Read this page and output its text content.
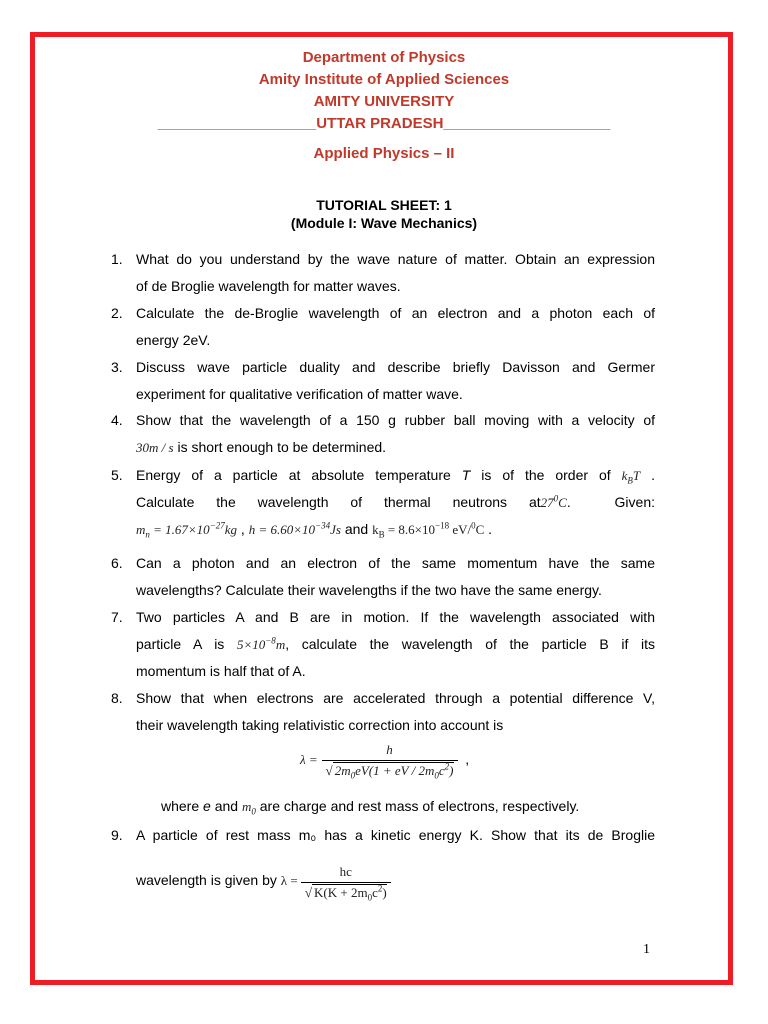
Department of Physics
Amity Institute of Applied Sciences
AMITY UNIVERSITY
___________________UTTAR PRADESH____________________
Applied Physics – II
TUTORIAL SHEET: 1
(Module I: Wave Mechanics)
1. What do you understand by the wave nature of matter. Obtain an expression
of de Broglie wavelength for matter waves.
2. Calculate the de-Broglie wavelength of an electron and a photon each of
energy 2eV.
3. Discuss wave particle duality and describe briefly Davisson and Germer
experiment for qualitative verification of matter wave.
4. Show that the wavelength of a 150 g rubber ball moving with a velocity of
30m / s is short enough to be determined.
5. Energy of a particle at absolute temperature T is of the order of $k_BT$ .
Calculate the wavelength of thermal neutrons $at27^0C$.  Given:
$m_n = 1.67\times 10^{-27}kg$ , $h = 6.60\times 10^{-34}Js$ and $k_B = 8.6\times 10^{-18}$ eV/$^0$C .
6. Can a photon and an electron of the same momentum have the same
wavelengths? Calculate their wavelengths if the two have the same energy.
7. Two particles A and B are in motion. If the wavelength associated with
particle A is $5\times 10^{-8}m$, calculate the wavelength of the particle B if its
momentum is half that of A.
8. Show that when electrons are accelerated through a potential difference V,
their wavelength taking relativistic correction into account is
$\lambda = \frac{h}{√ 2m_0eV(1 + eV / 2m_0c^2)}$ ,
where e and $m_0$ are charge and rest mass of electrons, respectively.
9. A particle of rest mass m₀ has a kinetic energy K. Show that its de Broglie
wavelength is given by $\lambda = \frac{hc}{√ K(K + 2m_0c^2)}$
1
